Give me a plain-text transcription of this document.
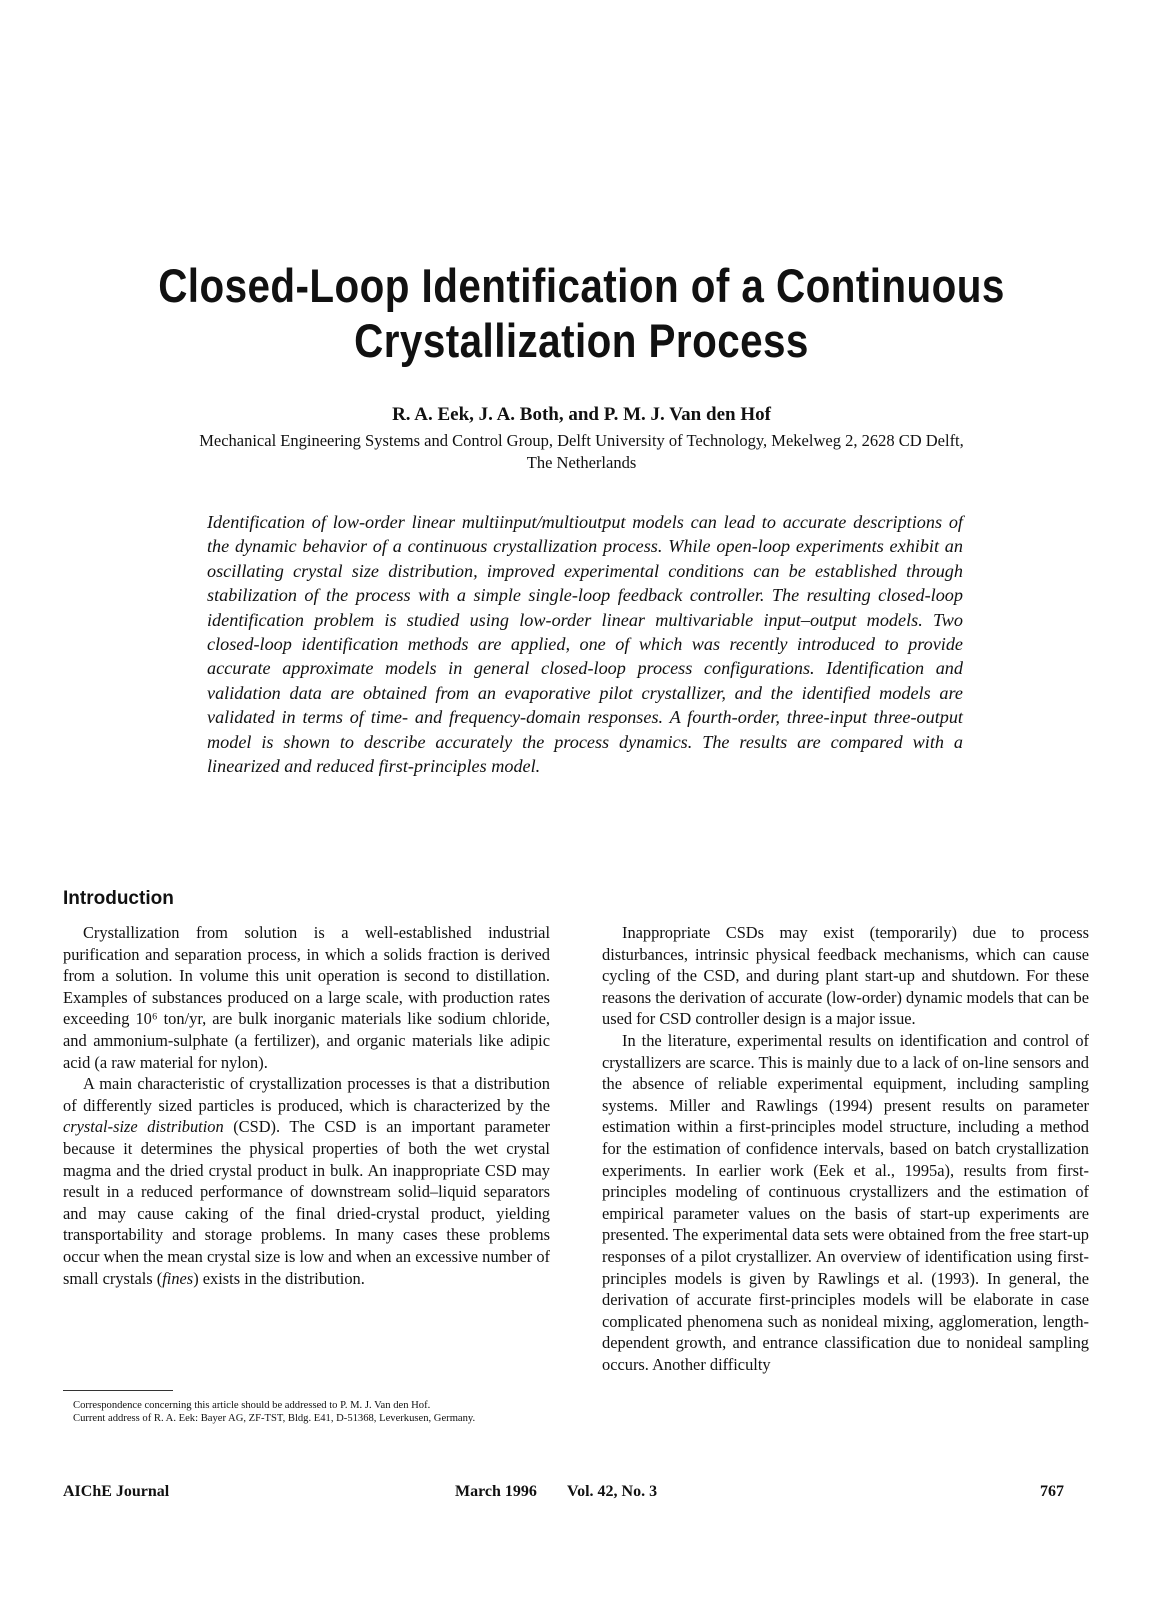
Closed-Loop Identification of a Continuous
Crystallization Process
R. A. Eek, J. A. Both, and P. M. J. Van den Hof
Mechanical Engineering Systems and Control Group, Delft University of Technology, Mekelweg 2, 2628 CD Delft,
The Netherlands
Identification of low-order linear multiinput/multioutput models can lead to accurate descriptions of the dynamic behavior of a continuous crystallization process. While open-loop experiments exhibit an oscillating crystal size distribution, improved experimental conditions can be established through stabilization of the process with a simple single-loop feedback controller. The resulting closed-loop identification problem is studied using low-order linear multivariable input–output models. Two closed-loop identification methods are applied, one of which was recently introduced to provide accurate approximate models in general closed-loop process configurations. Identification and validation data are obtained from an evaporative pilot crystallizer, and the identified models are validated in terms of time- and frequency-domain responses. A fourth-order, three-input three-output model is shown to describe accurately the process dynamics. The results are compared with a linearized and reduced first-principles model.
Introduction

Crystallization from solution is a well-established industrial purification and separation process, in which a solids fraction is derived from a solution. In volume this unit operation is second to distillation. Examples of substances produced on a large scale, with production rates exceeding 10⁶ ton/yr, are bulk inorganic materials like sodium chloride, and ammonium-sulphate (a fertilizer), and organic materials like adipic acid (a raw material for nylon).

A main characteristic of crystallization processes is that a distribution of differently sized particles is produced, which is characterized by the crystal-size distribution (CSD). The CSD is an important parameter because it determines the physical properties of both the wet crystal magma and the dried crystal product in bulk. An inappropriate CSD may result in a reduced performance of downstream solid–liquid separators and may cause caking of the final dried-crystal product, yielding transportability and storage problems. In many cases these problems occur when the mean crystal size is low and when an excessive number of small crystals (fines) exists in the distribution.

Inappropriate CSDs may exist (temporarily) due to process disturbances, intrinsic physical feedback mechanisms, which can cause cycling of the CSD, and during plant start-up and shutdown. For these reasons the derivation of accurate (low-order) dynamic models that can be used for CSD controller design is a major issue.

In the literature, experimental results on identification and control of crystallizers are scarce. This is mainly due to a lack of on-line sensors and the absence of reliable experimental equipment, including sampling systems. Miller and Rawlings (1994) present results on parameter estimation within a first-principles model structure, including a method for the estimation of confidence intervals, based on batch crystallization experiments. In earlier work (Eek et al., 1995a), results from first-principles modeling of continuous crystallizers and the estimation of empirical parameter values on the basis of start-up experiments are presented. The experimental data sets were obtained from the free start-up responses of a pilot crystallizer. An overview of identification using first-principles models is given by Rawlings et al. (1993). In general, the derivation of accurate first-principles models will be elaborate in case complicated phenomena such as nonideal mixing, agglomeration, length-dependent growth, and entrance classification due to nonideal sampling occurs. Another difficulty

Correspondence concerning this article should be addressed to P. M. J. Van den Hof.

Current address of R. A. Eek: Bayer AG, ZF-TST, Bldg. E41, D-51368, Leverkusen, Germany.

AIChE Journal	March 1996 Vol. 42, No. 3	767
